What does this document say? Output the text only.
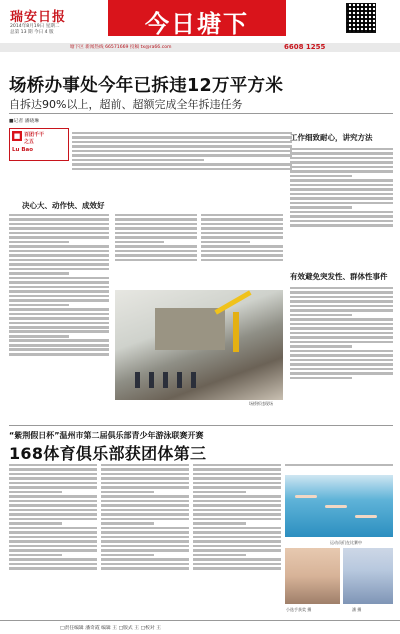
瑞安日报
2014年8月19日 星期二
总第 13 期 今日 4 版	今日塘下
塘下区 新闻热线 66571669 投稿 tx@ra66.com	6608 1255
场桥办事处今年已拆违12万平方米
自拆达90%以上，超前、超额完成全年拆违任务
■记者 潘晓琳
■ 百团千干
之五
Lu Bao
决心大、动作快、成效好
工作细致耐心，讲究方法
有效避免突发性、群体性事件
场桥拆违现场
“紫荆假日杯”温州市第二届俱乐部青少年游泳联赛开赛
168体育俱乐部获团体第三
运动员们在比赛中
小选手获奖 摄	潘 摄
□责任编辑 潘奇霞 编辑 王 □版式 王 □校对 王
